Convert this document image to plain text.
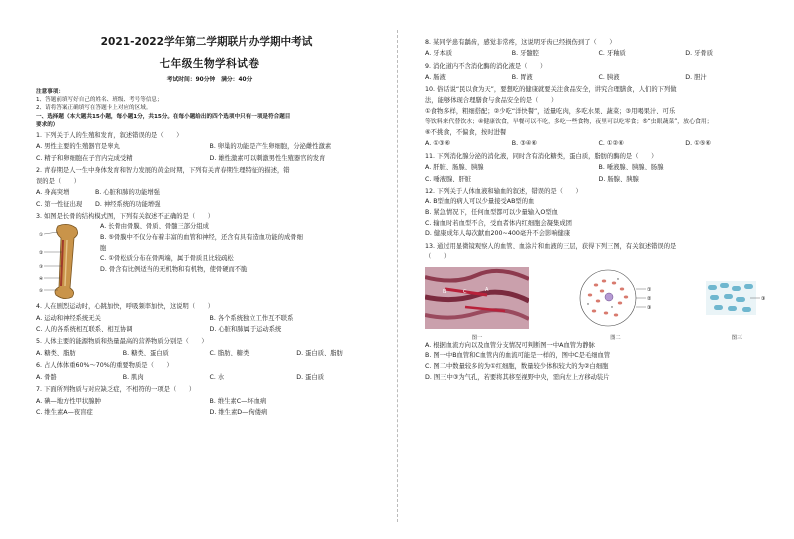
2021-2022学年第二学期联片办学期中考试
七年级生物学科试卷
考试时间：90分钟　满分：40分
注意事项：
1、答题前填写好自己的姓名、班级、考号等信息；
2、请将答案正确填写在答题卡上对应的区域。
一、选择题（本大题共15小题，每小题1分，共15分。在每小题给出的四个选项中只有一项是符合题目
要求的）
1. 下列关于人的生殖和发育，叙述错误的是（　　）
A. 男性主要的生殖器官是睾丸	B. 卵巢的功能是产生卵细胞，分泌雌性激素
C. 精子和卵细胞在子宫内完成受精	D. 雄性激素可以刺激男性生殖器官的发育
2. 青春期是人一生中身体发育和智力发展的黄金时期，下列有关青春期生理特征的描述，错
误的是（　　）
A. 身高突增	B. 心脏和肺的功能增强
C. 第一性征出现	D. 神经系统的功能增强
3. 如图是长骨的结构模式图，下列有关叙述不正确的是（　　）
①
②
③
④
⑤
A. 长骨由骨膜、骨质、骨髓三部分组成
B. ⑤骨膜中不仅分布着丰富的血管和神经，还含有具有造血功能的成骨细
胞
C. ①骨松质分布在骨两端，属于骨质且比较疏松
D. 骨含有比例适当的无机物和有机物，使骨硬而不脆
4. 人在剧烈运动时，心跳加快，呼吸频率加快，这说明（　　）
A. 运动和神经系统无关	B. 各个系统独立工作互不联系
C. 人的各系统相互联系、相互协调	D. 心脏和肺属于运动系统
5. 人体主要的能源物质和热量最高的营养物质分别是（　　）
A. 糖类、脂肪	B. 糖类、蛋白质	C. 脂肪、糖类	D. 蛋白质、脂肪
6. 占人体体重60%～70%的重要物质是（　　）
A. 骨骼	B. 肌肉	C. 水	D. 蛋白质
7. 下面所列物质与对应缺乏症，不相符的一项是（　　）
A. 碘—地方性甲状腺肿	B. 维生素C—坏血病
C. 维生素A—夜盲症	D. 维生素D—佝偻病
8. 某同学患有龋齿，感觉非常疼，这说明牙齿已经损伤到了（　　）
A. 牙本质	B. 牙髓腔	C. 牙釉质	D. 牙骨质
9. 消化道内不含消化酶的消化液是（　　）
A. 肠液	B. 胃液	C. 胰液	D. 胆汁
10. 俗话说“民以食为天”，要想吃的健康就要关注食品安全，讲究合理膳食，人们的下列做
法，能够体现合理膳食与食品安全的是（　　）
①食物多样，粗细搭配；②少吃“洋快餐”，适量吃肉，多吃水果、蔬菜；③用喝果汁、可乐
等饮料来代替饮水；④健康饮食，早餐可以不吃，多吃一些食物，夜里可以吃零食；⑤“虫眼蔬菜”，放心食用；
⑥不挑食，不偏食，按时进餐
A. ①③⑥	B. ③④⑥	C. ①②⑥	D. ①⑤⑥
11. 下列消化腺分泌的消化液，同时含有消化糖类，蛋白质，脂肪的酶的是（　　）
A. 肝脏、肠腺、胰腺	B. 唾液腺、胰腺、肠腺
C. 唾液腺、肝脏	D. 肠腺、胰腺
12. 下列关于人体血液和输血的叙述，错误的是（　　）
A. B型血的病人可以少量接受AB型的血
B. 紧急情况下，任何血型都可以少量输入O型血
C. 输血时若血型不合，受血者体内红细胞会凝集成团
D. 健康成年人每次献血200~400毫升不会影响健康
13. 通过用显微镜观察人的血管、血涂片和血液的三层，获得下列三图，有关叙述错误的是
（　　）
B	C	A
图一
①
②
③
图二
③
图三
A. 根据血流方向以及血管分支情况可判断图一中A血管为静脉
B. 图一中B血管和C血管内的血流可能是一样的，图中C是毛细血管
C. 图二中数量较多的为①红细胞，数量较少体积较大的为②白细胞
D. 图三中③为气孔，若要将其移至视野中央，需向左上方移动装片
